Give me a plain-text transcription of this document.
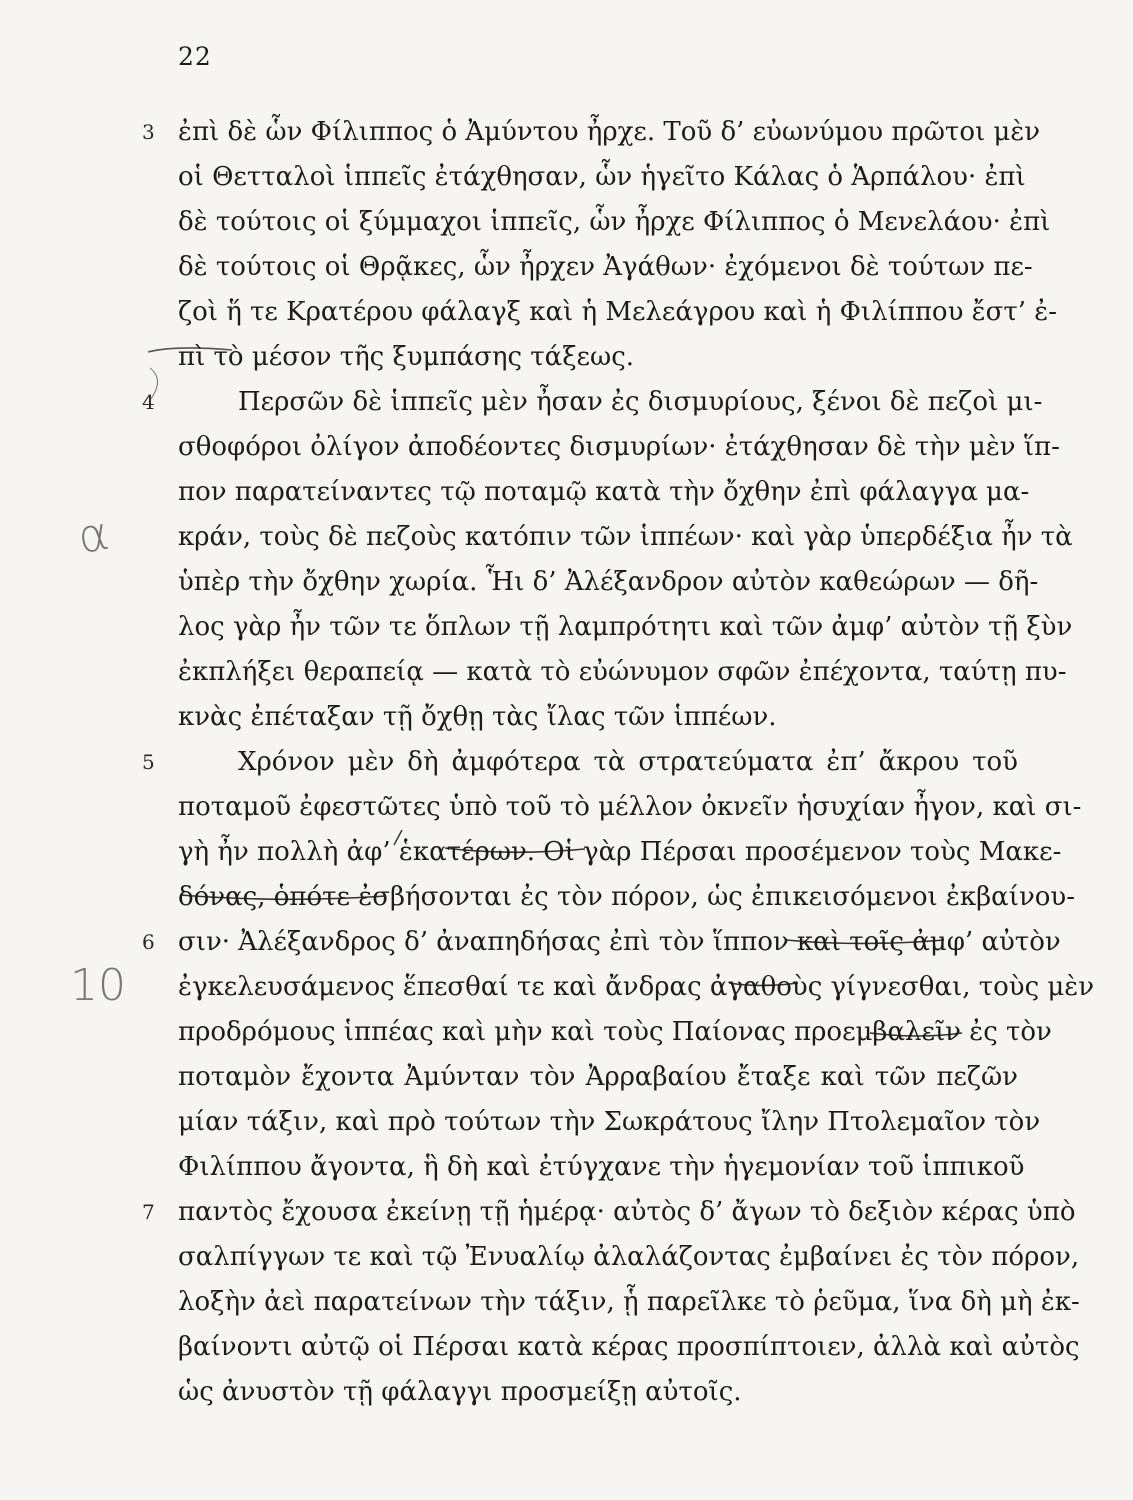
22
α
10
3 ἐπὶ δὲ ὧν Φίλιππος ὁ Ἀμύντου ἦρχε. Τοῦ δ’ εὐωνύμου πρῶτοι μὲν
οἱ Θετταλοὶ ἱππεῖς ἐτάχθησαν, ὧν ἡγεῖτο Κάλας ὁ Ἁρπάλου· ἐπὶ
δὲ τούτοις οἱ ξύμμαχοι ἱππεῖς, ὧν ἦρχε Φίλιππος ὁ Μενελάου· ἐπὶ
δὲ τούτοις οἱ Θρᾷκες, ὧν ἦρχεν Ἀγάθων· ἐχόμενοι δὲ τούτων πε-
ζοὶ ἥ τε Κρατέρου φάλαγξ καὶ ἡ Μελεάγρου καὶ ἡ Φιλίππου ἔστ’ ἐ-
πὶ τὸ μέσον τῆς ξυμπάσης τάξεως.
4	Περσῶν δὲ ἱππεῖς μὲν ἦσαν ἐς δισμυρίους, ξένοι δὲ πεζοὶ μι-
σθοφόροι ὀλίγον ἀποδέοντες δισμυρίων· ἐτάχθησαν δὲ τὴν μὲν ἵπ-
πον παρατείναντες τῷ ποταμῷ κατὰ τὴν ὄχθην ἐπὶ φάλαγγα μα-
κράν, τοὺς δὲ πεζοὺς κατόπιν τῶν ἱππέων· καὶ γὰρ ὑπερδέξια ἦν τὰ
ὑπὲρ τὴν ὄχθην χωρία. Ἧι δ’ Ἀλέξανδρον αὐτὸν καθεώρων — δῆ-
λος γὰρ ἦν τῶν τε ὅπλων τῇ λαμπρότητι καὶ τῶν ἀμφ’ αὐτὸν τῇ ξὺν
ἐκπλήξει θεραπείᾳ — κατὰ τὸ εὐώνυμον σφῶν ἐπέχοντα, ταύτῃ πυ-
κνὰς ἐπέταξαν τῇ ὄχθῃ τὰς ἴλας τῶν ἱππέων.
5	Χρόνον μὲν δὴ ἀμφότερα τὰ στρατεύματα ἐπ’ ἄκρου τοῦ
ποταμοῦ ἐφεστῶτες ὑπὸ τοῦ τὸ μέλλον ὀκνεῖν ἡσυχίαν ἦγον, καὶ σι-
γὴ ἦν πολλὴ ἀφ’ ἑκατέρων. Οἱ γὰρ Πέρσαι προσέμενον τοὺς Μακε-
δόνας, ὁπότε ἐσβήσονται ἐς τὸν πόρον, ὡς ἐπικεισόμενοι ἐκβαίνου-
6 σιν· Ἀλέξανδρος δ’ ἀναπηδήσας ἐπὶ τὸν ἵππον καὶ τοῖς ἀμφ’ αὐτὸν
ἐγκελευσάμενος ἕπεσθαί τε καὶ ἄνδρας ἀγαθοὺς γίγνεσθαι, τοὺς μὲν
προδρόμους ἱππέας καὶ μὴν καὶ τοὺς Παίονας προεμβαλεῖν ἐς τὸν
ποταμὸν ἔχοντα Ἀμύνταν τὸν Ἀρραβαίου ἔταξε καὶ τῶν πεζῶν
μίαν τάξιν, καὶ πρὸ τούτων τὴν Σωκράτους ἴλην Πτολεμαῖον τὸν
Φιλίππου ἄγοντα, ἣ δὴ καὶ ἐτύγχανε τὴν ἡγεμονίαν τοῦ ἱππικοῦ
7 παντὸς ἔχουσα ἐκείνῃ τῇ ἡμέρᾳ· αὐτὸς δ’ ἄγων τὸ δεξιὸν κέρας ὑπὸ
σαλπίγγων τε καὶ τῷ Ἐνυαλίῳ ἀλαλάζοντας ἐμβαίνει ἐς τὸν πόρον,
λοξὴν ἀεὶ παρατείνων τὴν τάξιν, ᾗ παρεῖλκε τὸ ῥεῦμα, ἵνα δὴ μὴ ἐκ-
βαίνοντι αὐτῷ οἱ Πέρσαι κατὰ κέρας προσπίπτοιεν, ἀλλὰ καὶ αὐτὸς
ὡς ἀνυστὸν τῇ φάλαγγι προσμείξῃ αὐτοῖς.
